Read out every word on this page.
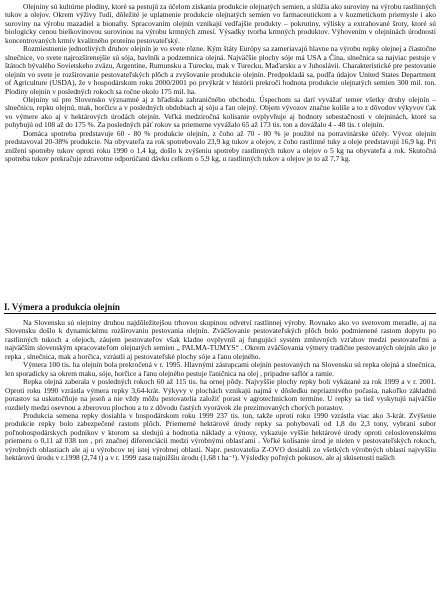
Olejniny sú kultúrne plodiny, ktoré sa pestujú za účelom získania produkcie olejnatých semien, a slúžia ako suroviny na výrobu rastlinných tukov a olejov. Okrem výživy ľudí, dôležité je uplatnenie produkcie olejnatých semien vo farmaceutickom a v kozmetickom priemysle i ako suroviny na výrobu mazadiel a bionafty. Spracovaním olejnín vznikajú vedľajšie produkty – pokrutiny, výlisky a extrahované šroty, ktoré sú biologicky cenou bielkovinovou surovinou na výrobu krmných zmesí. Výsadky tvorba krmných produktov. Výhovením v olejninách úrodnosti koncentrovaných krmív kvalitného proteínu pestovateľský.

Rozmiestnenie jednotlivých druhov olejnín je vo svete rôzne. Kým štáty Európy sa zameriavajú hlavne na výrobu repky olejnej a čiastočne slnečnice, vo svete najrozšírenejšie sú sója, bavlník a podzemnica olejná. Najväčšie plochy sóje má USA a Čína, slnečnica sa najviac pestuje v štátoch bývalého Sovietskeho zväzu, Argentíne, Rumunsku a Turecku, mak v Turecku, Maďarsku a v Juhoslávii. Charakteristické pre pestovanie olejnín vo svete je rozširovanie pestovateľských plôch a zvyšovanie produkcie olejnín. Predpokladá sa, podľa údajov United States Department of Agriculture (USDA), že v hospodárskom roku 2000/2001 po prvýkrát v histórii prekročí hodnota produkcie olejnatých semien 300 mil. ton. Plodiny olejnín v posledných rokoch sa ročne okolo 175 mil. ha.

Olejniny sú pre Slovensko významné aj z hľadiska zahraničného obchodu. Úspechom sa darí vyvážať temer všetky druhy olejnín – slnečnicu, repku olejnú, mak, horčicu a v posledných obdobiach aj sóju a ľan olejný. Objem vývozov značne kolíše a to z dôvodov výkyvov ťak vo výmere ako aj v hektárových úrodách olejnín. Veľká medziročná kolísanie ovplyvňuje aj hodnoty sebestačnosti v olejninách, ktoré sa pohybujú od 108 až do 175 %. Za posledných päť rokov sa priemerne vyvážalo 65 až 173 tis. ton a dovážalo 4 - 48 tis. t olejnín.

Domáca spotreba predstavuje 60 - 80 % produkcie olejnín, z čoho až 70 - 80 % je použité na potravinárske účely. Vývoz olejnín predstavoval 20-38% produkcie. Na obyvateľa za rok spotrebovalo 23,9 kg tukov a olejov, z čoho rastlinné tuky a oleje predstavujú 16,9 kg. Pri znížení spotreby tukov oproti roku 1990 o 1,4 kg, došlo k zvýšeniu spotreby rastlinných tukov a olejov o 5 kg na obyvateľa a rok. Skutočná spotreba tukov prekračuje zdravotne odporúčanú dávku celkom o 5,9 kg, u rastlinných tukov a olejov je to až 7,7 kg.

I. Výmera a produkcia olejnín

Na Slovensku sú olejniny druhou najdôležitejšou trhovou skupinou odvetví rastlinnej výroby. Rovnako ako vo svetovom meradle, aj na Slovensku došlo k dynamickému rozširovaniu pestovania olejnín. Zväčšovanie pestovateľských plôch bolo podmienené rastom dopytu po rastlinných tukoch a olejoch, záujem pestovateľov však kladne ovplyvnil aj fungujúci systém zmluvných vzťahov medzi pestovateľmi a najväčším slovenským spracovateľom olejnatých semien „ PALMA-TUMYS“ . Okrem zväčšovania výmery tradične pestovaných olejnín ako je repka , slnečnica, mak a horčica, vzrástli aj pestovateľské plochy sóje a ľanu olejného.

Výmera 100 tis. ha olejnín bola prekročená v r. 1995. Hlavnými zástupcami olejnín pestovaných na Slovensku sú repka olejná a slnečnica, len sporadicky sa okrem maku, sóje, horčice a ľanu olejného pestuje ľaničnica na olej , pripadne saflór a ramie.

Repka olejná zaberala v posledných rokoch 60 až 115 tis. ha ornej pôdy. Najvyššie plochy repky boli vykázané za rok 1999 a v r. 2001. Oproti roku 1990 vzrástla výmera repky 3,64-krát. Výkyvy v plochách vznikajú najmä v dôsledku nepriaznivého počasia, nakoľko základnú porastov sa uskutočňuje na jeseň a nie vždy môžu pestovatelia založiť porast v agrotechnickom termíne. U repky sa tiež vyskytujú najväčšie rozdiely medzi osevnou a zberovou plochou a to z dôvodu častých vyorávok zle prezimovaných chorých porastov.

Produkcia semena repky dosiahla v hospodárskom roku 1999 237 tis. ton, takže oproti roku 1990 vzrástla viac ako 3-krát. Zvýšenie produkcie repky bolo zabezpečené rastom plôch. Priemerné hektárové úrody repky sa pohybovali od 1,8 do 2,3 tony, vybraní subor poľnohospodárskych podnikov v ktorom sa sledujú a hodnotia náklady a výnosy, vykazuje vyššie hektárové úrody oproti celoslovenskému priemeru o 0,11 až 038 ton , pri značnej diferenciácii medzi výrobnými oblasťami . Veľké kolísanie úrod je nielen v pestovateľských rokoch, výrobných oblastiach ale aj u výrobcov tej istej výrobnej oblasti. Napr. pestovatelia Z-OVO dosiahli zo všetkých výrobných oblastí najvyššiu hektárovú úrodu v r.1998 (2,74 t) a v r. 1999 zasa najnižšiu úrodu (1,68 t ha⁻¹). Výsledky poľných pokusov, ale aj skúsenosti našich
